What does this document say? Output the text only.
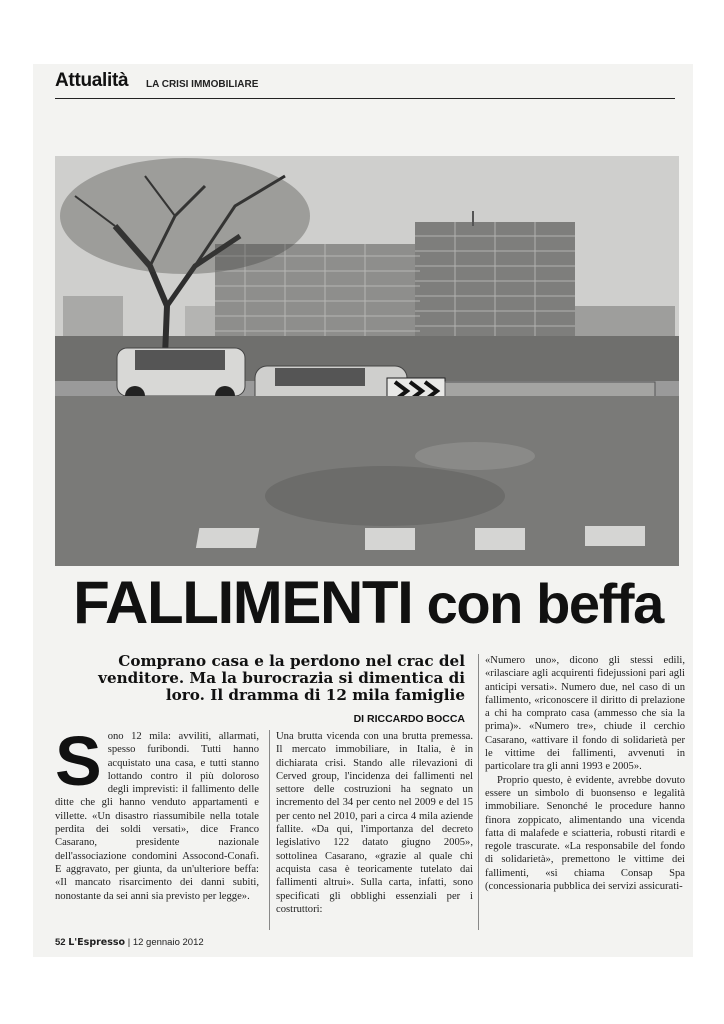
Attualità LA CRISI IMMOBILIARE
FALLIMENTI con beffa
Comprano casa e la perdono nel crac del venditore. Ma la burocrazia si dimentica di loro. Il dramma di 12 mila famiglie
DI RICCARDO BOCCA
S ono 12 mila: avviliti, allarmati, spesso furibondi. Tutti hanno acquistato una casa, e tutti stanno lottando contro il più doloroso degli imprevisti: il fallimento delle ditte che gli hanno venduto appartamenti e villette. «Un disastro riassumibile nella totale perdita dei soldi versati», dice Franco Casarano, presidente nazionale dell'associazione condomini Assocond-Conafi. E aggravato, per giunta, da un'ulteriore beffa: «Il mancato risarcimento dei danni subiti, nonostante da sei anni sia previsto per legge».

Una brutta vicenda con una brutta premessa. Il mercato immobiliare, in Italia, è in dichiarata crisi. Stando alle rilevazioni di Cerved group, l'incidenza dei fallimenti nel settore delle costruzioni ha segnato un incremento del 34 per cento nel 2009 e del 15 per cento nel 2010, pari a circa 4 mila aziende fallite. «Da qui, l'importanza del decreto legislativo 122 datato giugno 2005», sottolinea Casarano, «grazie al quale chi acquista casa è teoricamente tutelato dai fallimenti altrui». Sulla carta, infatti, sono specificati gli obblighi essenziali per i costruttori:

«Numero uno», dicono gli stessi edili, «rilasciare agli acquirenti fidejussioni pari agli anticipi versati». Numero due, nel caso di un fallimento, «riconoscere il diritto di prelazione a chi ha comprato casa (ammesso che sia la prima)». «Numero tre», chiude il cerchio Casarano, «attivare il fondo di solidarietà per le vittime dei fallimenti, avvenuti in particolare tra gli anni 1993 e 2005».

Proprio questo, è evidente, avrebbe dovuto essere un simbolo di buonsenso e legalità immobiliare. Senonché le procedure hanno finora zoppicato, alimentando una vicenda fatta di malafede e sciatteria, robusti ritardi e regole trascurate. «La responsabile del fondo di solidarietà», premettono le vittime dei fallimenti, «si chiama Consap Spa (concessionaria pubblica dei servizi assicurati-

52 L'Espresso | 12 gennaio 2012
